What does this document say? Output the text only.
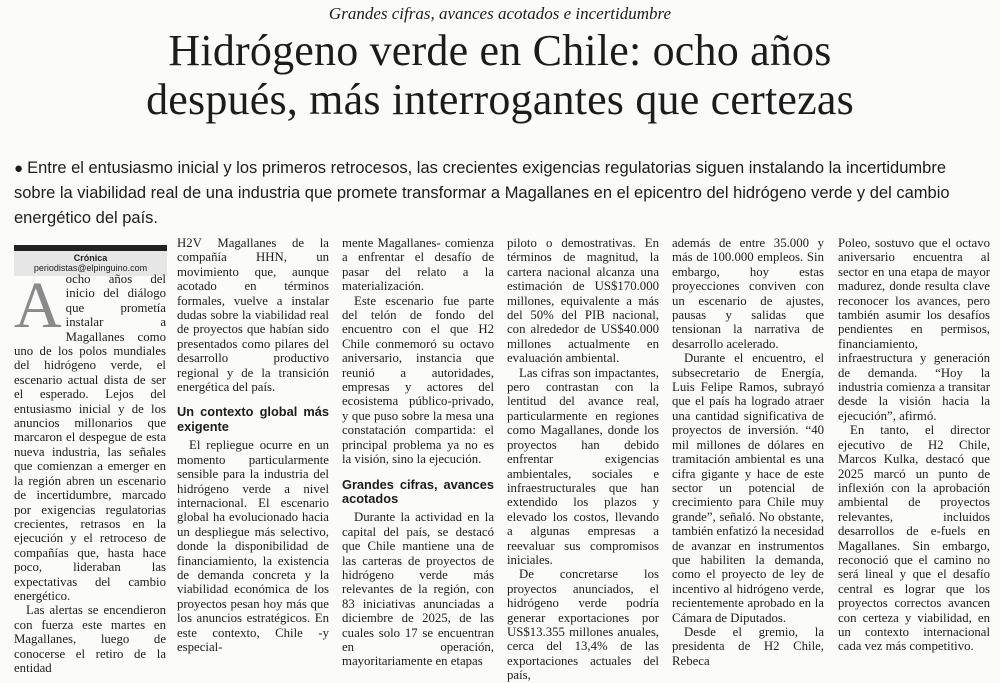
Grandes cifras, avances acotados e incertidumbre
Hidrógeno verde en Chile: ocho años
después, más interrogantes que certezas
● Entre el entusiasmo inicial y los primeros retrocesos, las crecientes exigencias regulatorias siguen instalando la incertidumbre sobre la viabilidad real de una industria que promete transformar a Magallanes en el epicentro del hidrógeno verde y del cambio energético del país.
Crónica
periodistas@elpinguino.com

Aocho años del inicio del diálogo que prometía instalar a Magallanes como uno de los polos mundiales del hidrógeno verde, el escenario actual dista de ser el esperado. Lejos del entusiasmo inicial y de los anuncios millonarios que marcaron el despegue de esta nueva industria, las señales que comienzan a emerger en la región abren un escenario de incertidumbre, marcado por exigencias regulatorias crecientes, retrasos en la ejecución y el retroceso de compañías que, hasta hace poco, lideraban las expectativas del cambio energético.

Las alertas se encendieron con fuerza este martes en Magallanes, luego de conocerse el retiro de la entidad

H2V Magallanes de la compañía HHN, un movimiento que, aunque acotado en términos formales, vuelve a instalar dudas sobre la viabilidad real de proyectos que habían sido presentados como pilares del desarrollo productivo regional y de la transición energética del país.

Un contexto global más exigente

El repliegue ocurre en un momento particularmente sensible para la industria del hidrógeno verde a nivel internacional. El escenario global ha evolucionado hacia un despliegue más selectivo, donde la disponibilidad de financiamiento, la existencia de demanda concreta y la viabilidad económica de los proyectos pesan hoy más que los anuncios estratégicos. En este contexto, Chile -y especial-

mente Magallanes- comienza a enfrentar el desafío de pasar del relato a la materialización.

Este escenario fue parte del telón de fondo del encuentro con el que H2 Chile conmemoró su octavo aniversario, instancia que reunió a autoridades, empresas y actores del ecosistema público-privado, y que puso sobre la mesa una constatación compartida: el principal problema ya no es la visión, sino la ejecución.

Grandes cifras, avances acotados

Durante la actividad en la capital del país, se destacó que Chile mantiene una de las carteras de proyectos de hidrógeno verde más relevantes de la región, con 83 iniciativas anunciadas a diciembre de 2025, de las cuales solo 17 se encuentran en operación, mayoritariamente en etapas

piloto o demostrativas. En términos de magnitud, la cartera nacional alcanza una estimación de US$170.000 millones, equivalente a más del 50% del PIB nacional, con alrededor de US$40.000 millones actualmente en evaluación ambiental.

Las cifras son impactantes, pero contrastan con la lentitud del avance real, particularmente en regiones como Magallanes, donde los proyectos han debido enfrentar exigencias ambientales, sociales e infraestructurales que han extendido los plazos y elevado los costos, llevando a algunas empresas a reevaluar sus compromisos iniciales.

De concretarse los proyectos anunciados, el hidrógeno verde podría generar exportaciones por US$13.355 millones anuales, cerca del 13,4% de las exportaciones actuales del país,

además de entre 35.000 y más de 100.000 empleos. Sin embargo, hoy estas proyecciones conviven con un escenario de ajustes, pausas y salidas que tensionan la narrativa de desarrollo acelerado.

Durante el encuentro, el subsecretario de Energía, Luis Felipe Ramos, subrayó que el país ha logrado atraer una cantidad significativa de proyectos de inversión. “40 mil millones de dólares en tramitación ambiental es una cifra gigante y hace de este sector un potencial de crecimiento para Chile muy grande”, señaló. No obstante, también enfatizó la necesidad de avanzar en instrumentos que habiliten la demanda, como el proyecto de ley de incentivo al hidrógeno verde, recientemente aprobado en la Cámara de Diputados.

Desde el gremio, la presidenta de H2 Chile, Rebeca

Poleo, sostuvo que el octavo aniversario encuentra al sector en una etapa de mayor madurez, donde resulta clave reconocer los avances, pero también asumir los desafíos pendientes en permisos, financiamiento, infraestructura y generación de demanda. “Hoy la industria comienza a transitar desde la visión hacia la ejecución”, afirmó.

En tanto, el director ejecutivo de H2 Chile, Marcos Kulka, destacó que 2025 marcó un punto de inflexión con la aprobación ambiental de proyectos relevantes, incluidos desarrollos de e-fuels en Magallanes. Sin embargo, reconoció que el camino no será lineal y que el desafío central es lograr que los proyectos correctos avancen con certeza y viabilidad, en un contexto internacional cada vez más competitivo.
